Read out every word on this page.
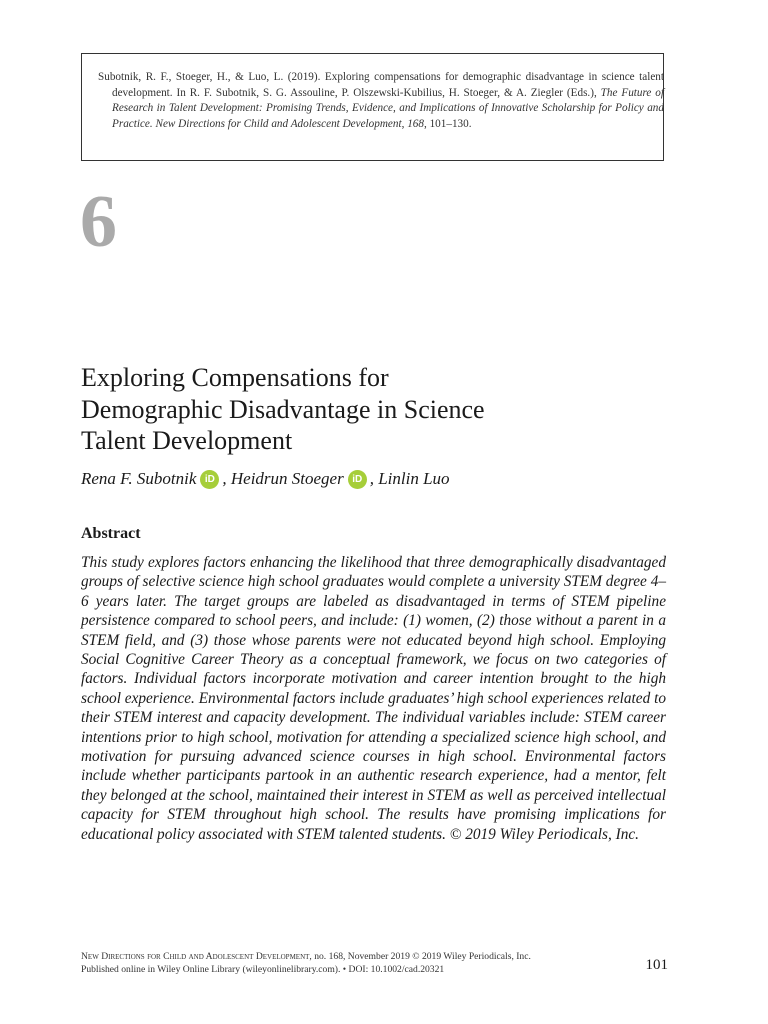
Subotnik, R. F., Stoeger, H., & Luo, L. (2019). Exploring compensations for demographic disadvantage in science talent development. In R. F. Subotnik, S. G. Assouline, P. Olszewski-Kubilius, H. Stoeger, & A. Ziegler (Eds.), The Future of Research in Talent Development: Promising Trends, Evidence, and Implications of Innovative Scholarship for Policy and Practice. New Directions for Child and Adolescent Development, 168, 101–130.

6
Exploring Compensations for
Demographic Disadvantage in Science
Talent Development
Rena F. Subotnik iD , Heidrun Stoeger iD , Linlin Luo
Abstract

This study explores factors enhancing the likelihood that three demographically disadvantaged groups of selective science high school graduates would complete a university STEM degree 4–6 years later. The target groups are labeled as disadvantaged in terms of STEM pipeline persistence compared to school peers, and include: (1) women, (2) those without a parent in a STEM field, and (3) those whose parents were not educated beyond high school. Employing Social Cognitive Career Theory as a conceptual framework, we focus on two categories of factors. Individual factors incorporate motivation and career intention brought to the high school experience. Environmental factors include graduates’ high school experiences related to their STEM interest and capacity development. The individual variables include: STEM career intentions prior to high school, motivation for attending a specialized science high school, and motivation for pursuing advanced science courses in high school. Environmental factors include whether participants partook in an authentic research experience, had a mentor, felt they belonged at the school, maintained their interest in STEM as well as perceived intellectual capacity for STEM throughout high school. The results have promising implications for educational policy associated with STEM talented students. © 2019 Wiley Periodicals, Inc.

New Directions for Child and Adolescent Development, no. 168, November 2019 © 2019 Wiley Periodicals, Inc.
Published online in Wiley Online Library (wileyonlinelibrary.com). • DOI: 10.1002/cad.20321	101
